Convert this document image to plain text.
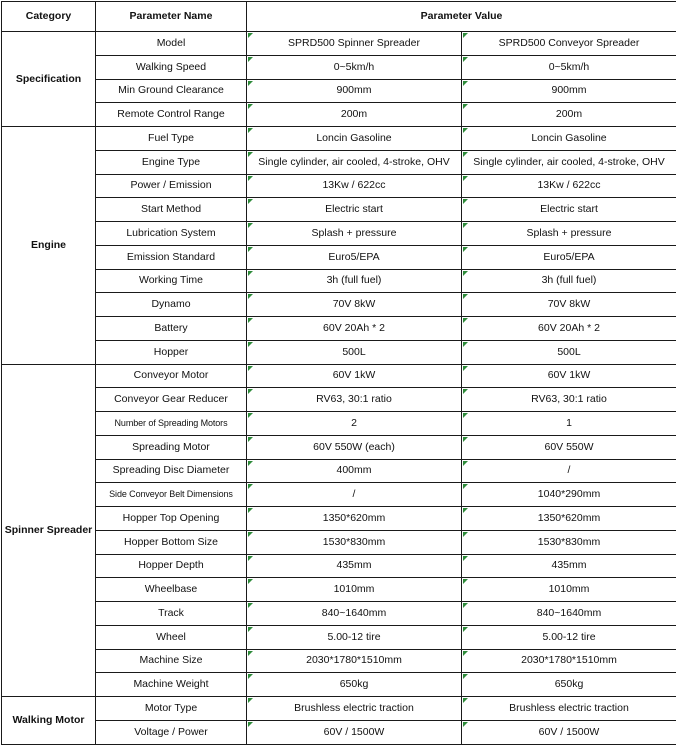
Category	Parameter Name	Parameter Value	
Specification	Model	SPRD500 Spinner Spreader	SPRD500 Conveyor Spreader
	Walking Speed	0~5km/h	0~5km/h
	Min Ground Clearance	900mm	900mm
	Remote Control Range	200m	200m
Engine	Fuel Type	Loncin Gasoline	Loncin Gasoline
	Engine Type	Single cylinder, air cooled, 4-stroke, OHV	Single cylinder, air cooled, 4-stroke, OHV
	Power / Emission	13Kw / 622cc	13Kw / 622cc
	Start Method	Electric start	Electric start
	Lubrication System	Splash + pressure	Splash + pressure
	Emission Standard	Euro5/EPA	Euro5/EPA
	Working Time	3h (full fuel)	3h (full fuel)
	Dynamo	70V 8kW	70V 8kW
	Battery	60V 20Ah * 2	60V 20Ah * 2
	Hopper	500L	500L
Spinner Spreader	Conveyor Motor	60V 1kW	60V 1kW
	Conveyor Gear Reducer	RV63, 30:1 ratio	RV63, 30:1 ratio
	Number of Spreading Motors	2	1
	Spreading Motor	60V 550W (each)	60V 550W
	Spreading Disc Diameter	400mm	/
	Side Conveyor Belt Dimensions	/	1040*290mm
	Hopper Top Opening	1350*620mm	1350*620mm
	Hopper Bottom Size	1530*830mm	1530*830mm
	Hopper Depth	435mm	435mm
	Wheelbase	1010mm	1010mm
	Track	840~1640mm	840~1640mm
	Wheel	5.00-12 tire	5.00-12 tire
	Machine Size	2030*1780*1510mm	2030*1780*1510mm
	Machine Weight	650kg	650kg
Walking Motor	Motor Type	Brushless electric traction	Brushless electric traction
	Voltage / Power	60V / 1500W	60V / 1500W
